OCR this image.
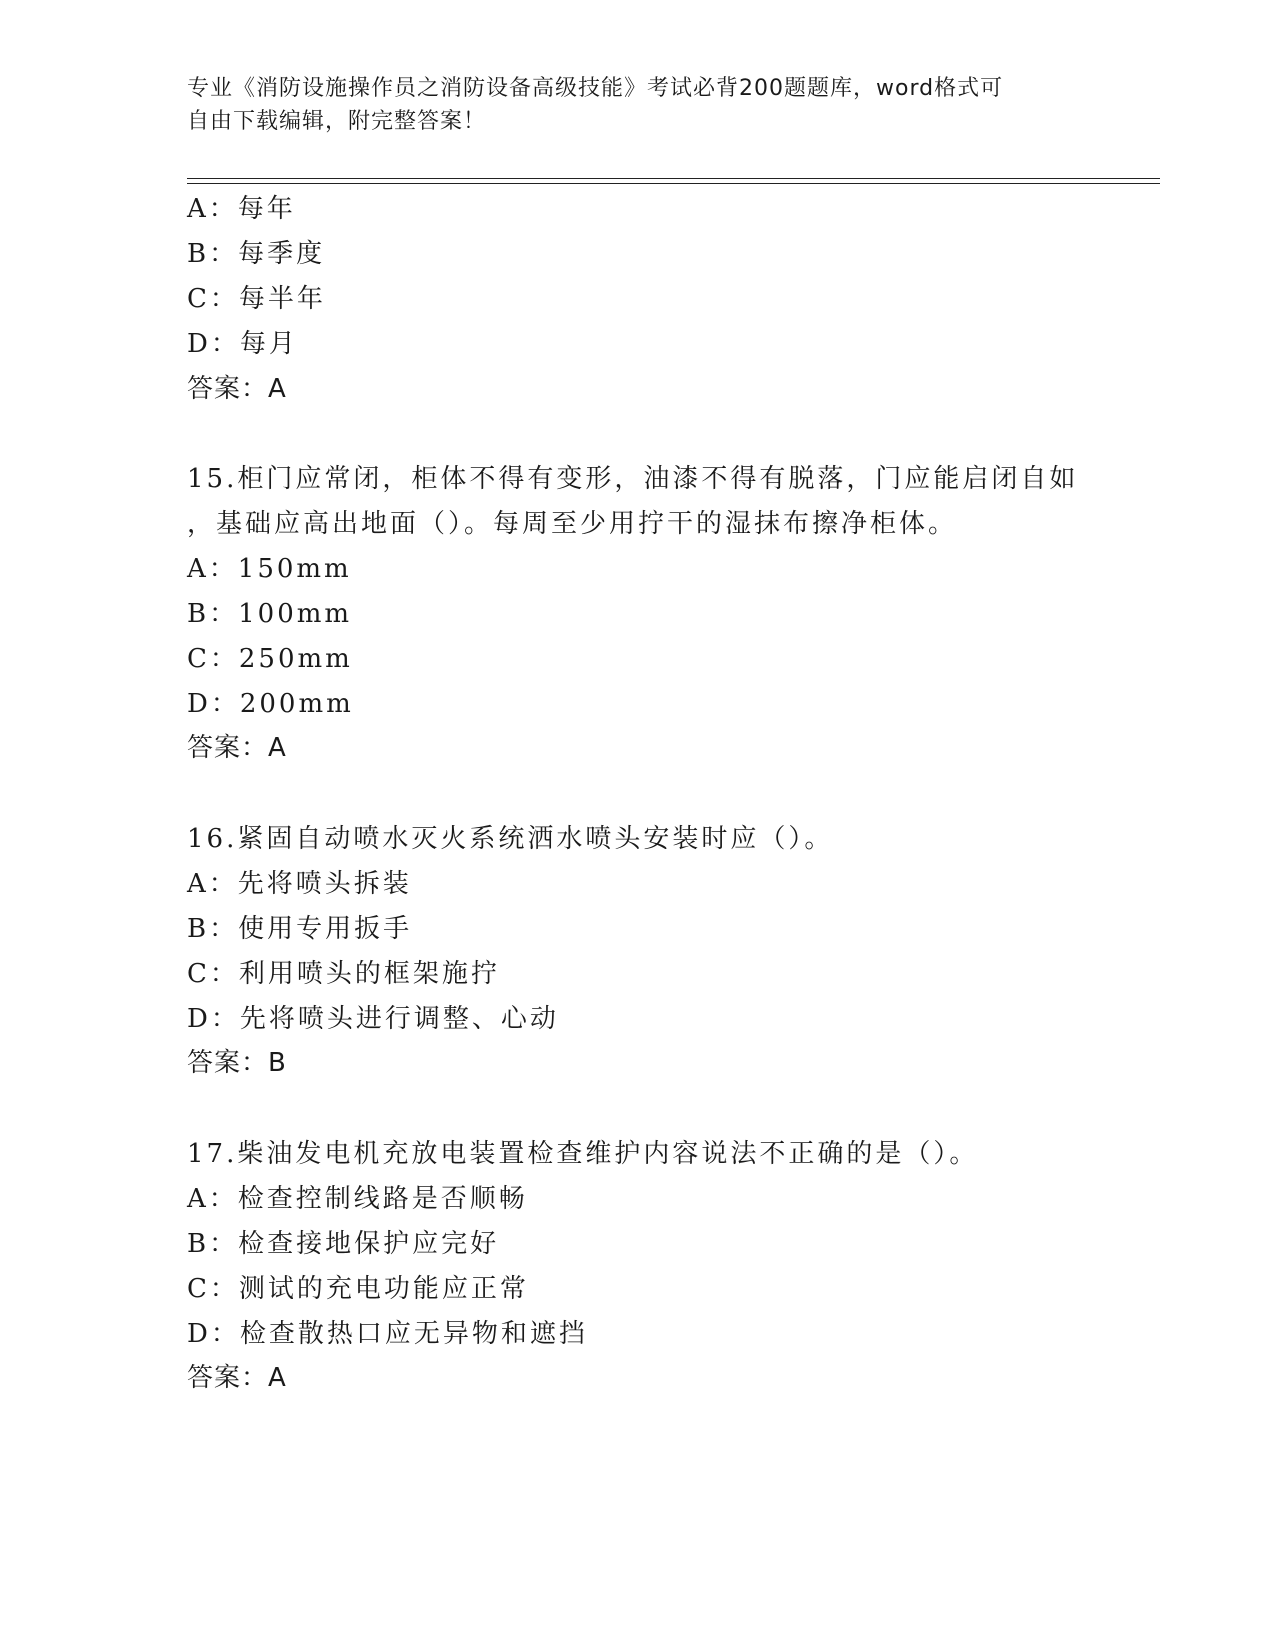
专业《消防设施操作员之消防设备高级技能》考试必背200题题库，word格式可
自由下载编辑，附完整答案！
A：每年
B：每季度
C：每半年
D：每月
答案：A
15.柜门应常闭，柜体不得有变形，油漆不得有脱落，门应能启闭自如
，基础应高出地面（）。每周至少用拧干的湿抹布擦净柜体。
A：150mm
B：100mm
C：250mm
D：200mm
答案：A
16.紧固自动喷水灭火系统洒水喷头安装时应（）。
A：先将喷头拆装
B：使用专用扳手
C：利用喷头的框架施拧
D：先将喷头进行调整、心动
答案：B
17.柴油发电机充放电装置检查维护内容说法不正确的是（）。
A：检查控制线路是否顺畅
B：检查接地保护应完好
C：测试的充电功能应正常
D：检查散热口应无异物和遮挡
答案：A
